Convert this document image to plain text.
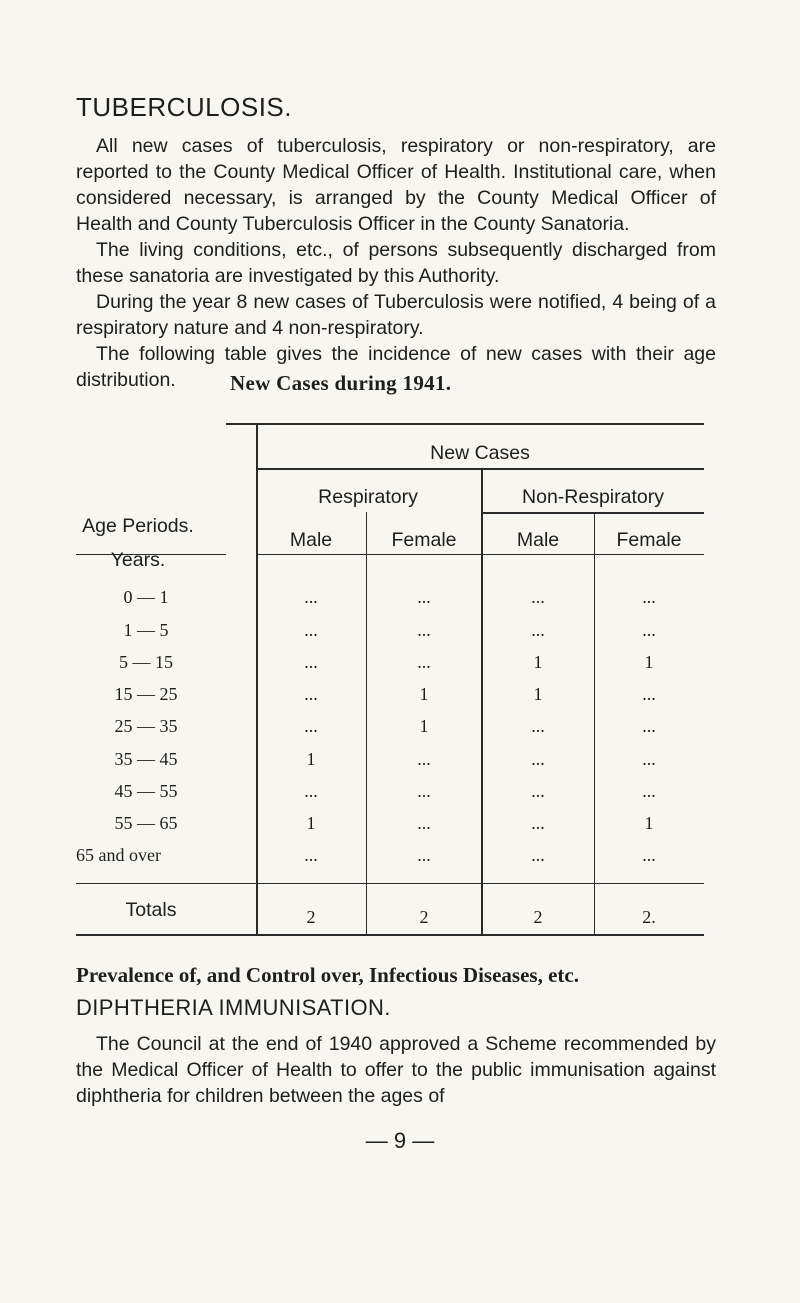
TUBERCULOSIS.

All new cases of tuberculosis, respiratory or non-respiratory, are reported to the County Medical Officer of Health. Institutional care, when considered necessary, is arranged by the County Medical Officer of Health and County Tuberculosis Officer in the County Sanatoria.

The living conditions, etc., of persons subsequently discharged from these sanatoria are investigated by this Authority.

During the year 8 new cases of Tuberculosis were notified, 4 being of a respiratory nature and 4 non-respiratory.

The following table gives the incidence of new cases with their age distribution.	New Cases during 1941.
Age Periods.
Years.
New Cases
Respiratory	Non-Respiratory
Male	Female	Male	Female
0 — 1	...	...	...	...
1 — 5	...	...	...	...
5 — 15	...	...	1	1
15 — 25	...	1	1	...
25 — 35	...	1	...	...
35 — 45	1	...	...	...
45 — 55	...	...	...	...
55 — 65	1	...	...	1
65 and over	...	...	...	...
Totals	2	2	2	2.
Prevalence of, and Control over, Infectious Diseases, etc.
DIPHTHERIA IMMUNISATION.

The Council at the end of 1940 approved a Scheme recommended by the Medical Officer of Health to offer to the public immunisation against diphtheria for children between the ages of

— 9 —
